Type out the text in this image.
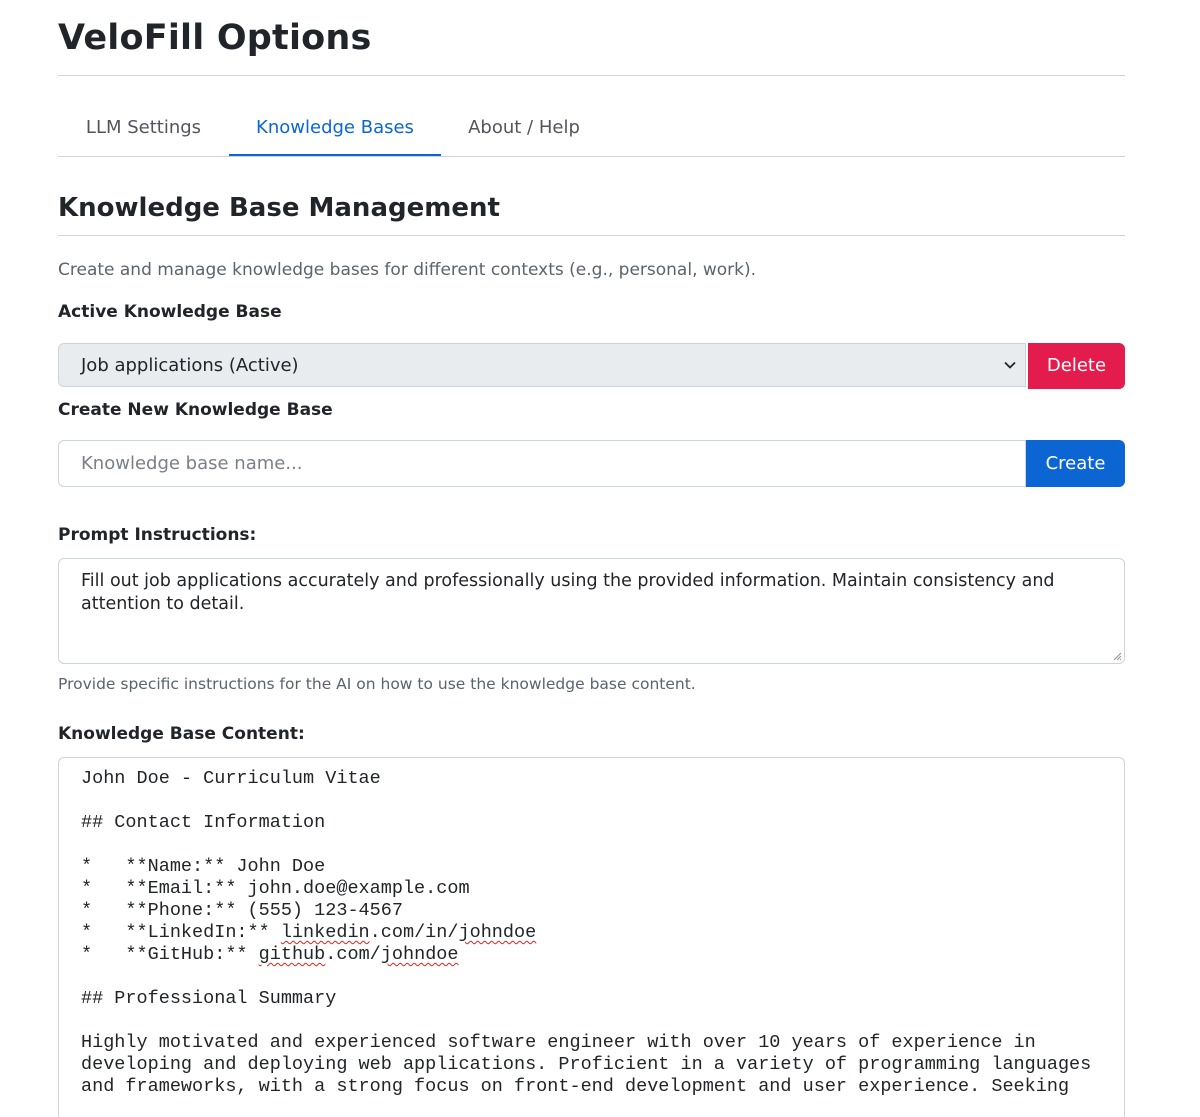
VeloFill Options
LLM Settings	Knowledge Bases	About / Help
Knowledge Base Management
Create and manage knowledge bases for different contexts (e.g., personal, work).
Active Knowledge Base
Job applications (Active)	Delete
Create New Knowledge Base
Knowledge base name...	Create
Prompt Instructions:
Fill out job applications accurately and professionally using the provided information. Maintain consistency and attention to detail.
Provide specific instructions for the AI on how to use the knowledge base content.
Knowledge Base Content:
John Doe - Curriculum Vitae

## Contact Information

*   **Name:** John Doe
*   **Email:** john.doe@example.com
*   **Phone:** (555) 123-4567
*   **LinkedIn:** linkedin.com/in/johndoe
*   **GitHub:** github.com/johndoe

## Professional Summary

Highly motivated and experienced software engineer with over 10 years of experience in
developing and deploying web applications. Proficient in a variety of programming languages
and frameworks, with a strong focus on front-end development and user experience. Seeking
